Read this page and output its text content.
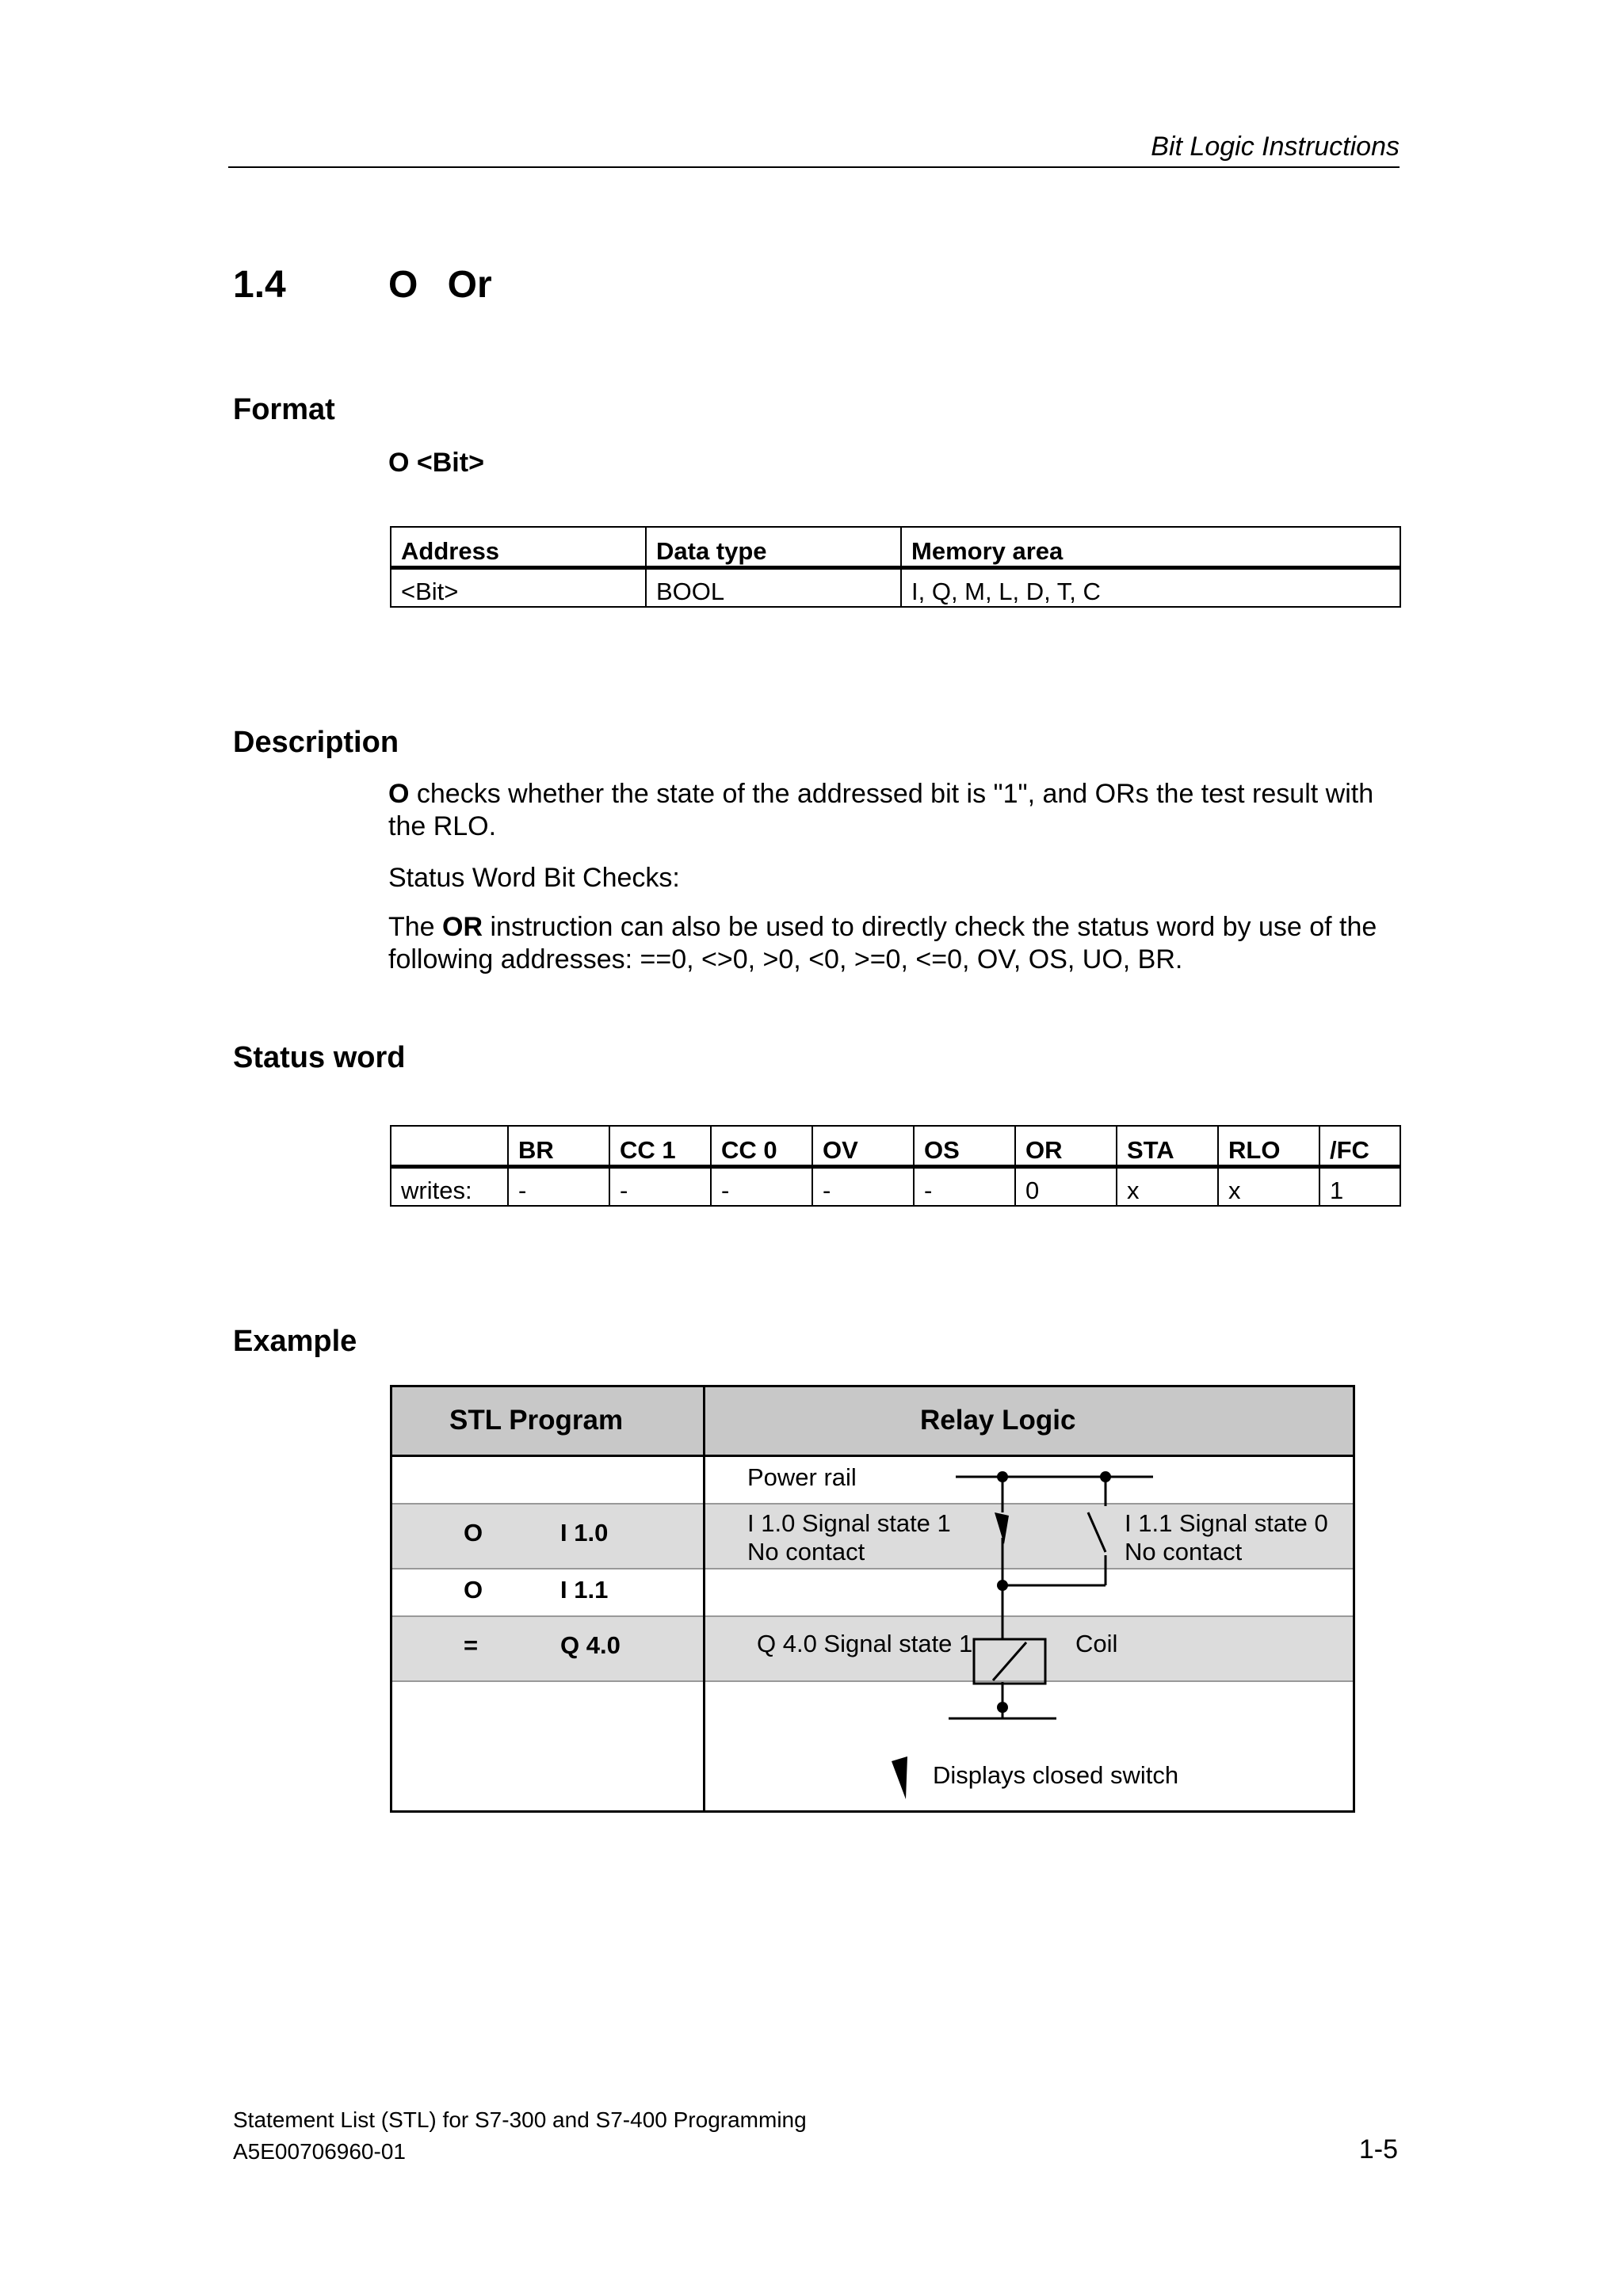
Bit Logic Instructions
1.4	O Or
Format
O <Bit>
Address	Data type	Memory area
<Bit>	BOOL	I, Q, M, L, D, T, C
Description
O checks whether the state of the addressed bit is "1", and ORs the test result with the RLO.
Status Word Bit Checks:
The OR instruction can also be used to directly check the status word by use of the following addresses: ==0, <>0, >0, <0, >=0, <=0, OV, OS, UO, BR.
Status word
	BR	CC 1	CC 0	OV	OS	OR	STA	RLO	/FC
writes:	-	-	-	-	-	0	x	x	1
Example
STL Program	Relay Logic
O	I 1.0
O	I 1.1
=	Q 4.0
Power rail
I 1.0 Signal state 1
No contact
I 1.1 Signal state 0
No contact
Q 4.0 Signal state 1	Coil
Displays closed switch
Statement List (STL) for S7-300 and S7-400 Programming
A5E00706960-01	1-5
